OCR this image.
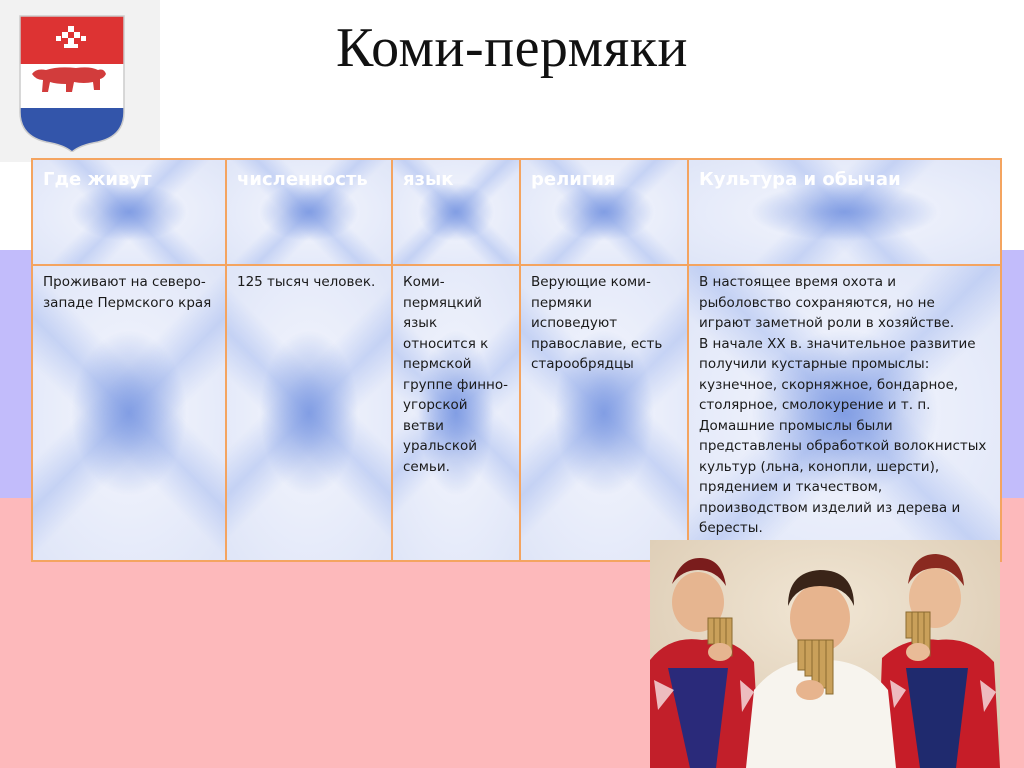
Коми-пермяки
Где живут	численность	язык	религия	Культура и обычаи
Проживают на северо-западе Пермского края	125 тысяч человек.	Коми-пермяцкий язык относится к пермской группе финно-угорской ветви уральской семьи.	Верующие коми-пермяки исповедуют православие, есть старообрядцы	В настоящее время охота и рыболовство сохраняются, но не играют заметной роли в хозяйстве.
В начале XX в. значительное развитие получили кустарные промыслы: кузнечное, скорняжное, бондарное, столярное, смолокурение и т. п. Домашние промыслы были представлены обработкой волокнистых культур (льна, конопли, шерсти), прядением и ткачеством, производством изделий из дерева и бересты.
